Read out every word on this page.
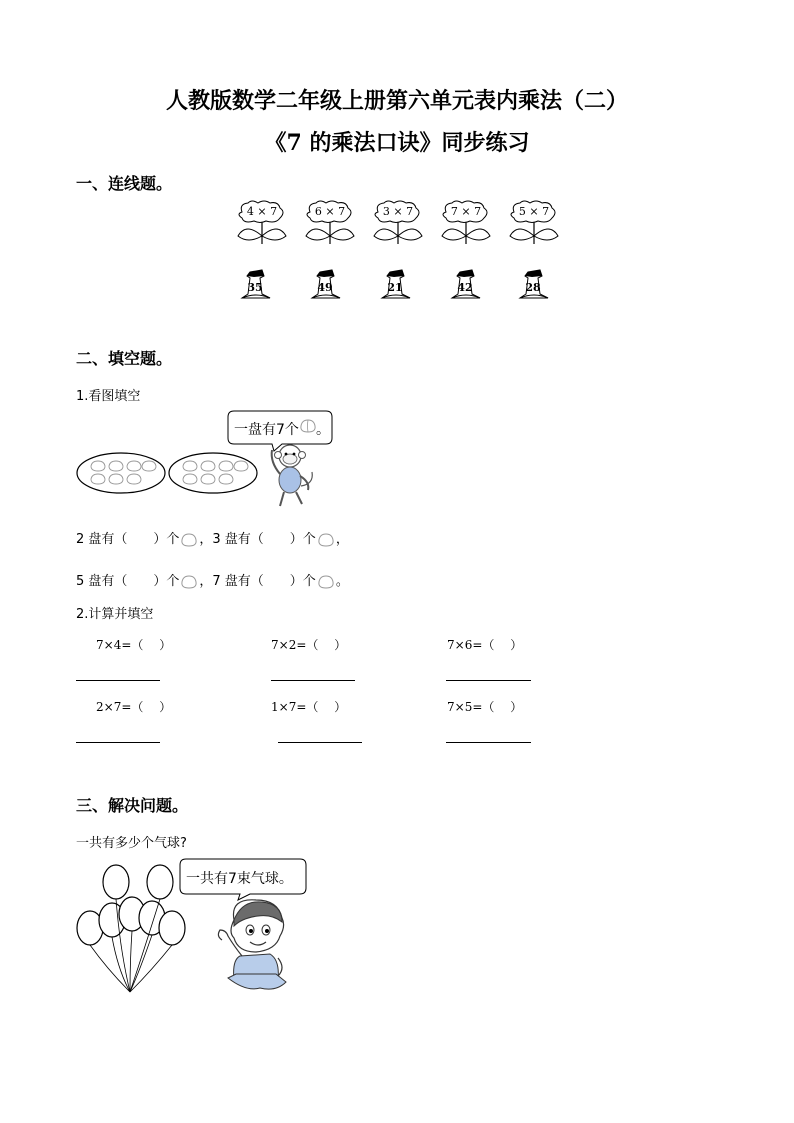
人教版数学二年级上册第六单元表内乘法（二）
《7 的乘法口诀》同步练习
一、连线题。
4 × 7	6 × 7	3 × 7	7 × 7	5 × 7
35	49	21	42	28
二、填空题。
1.看图填空
一盘有7个 。
2 盘有（　　）个 ，3 盘有（　　）个 ，
5 盘有（　　）个 ，7 盘有（　　）个 。
2.计算并填空
7×4=（　 ）	7×2=（　 ）	7×6=（　 ）
2×7=（　 ）	1×7=（　 ）	7×5=（　 ）
三、解决问题。
一共有多少个气球?
一共有7束气球。
